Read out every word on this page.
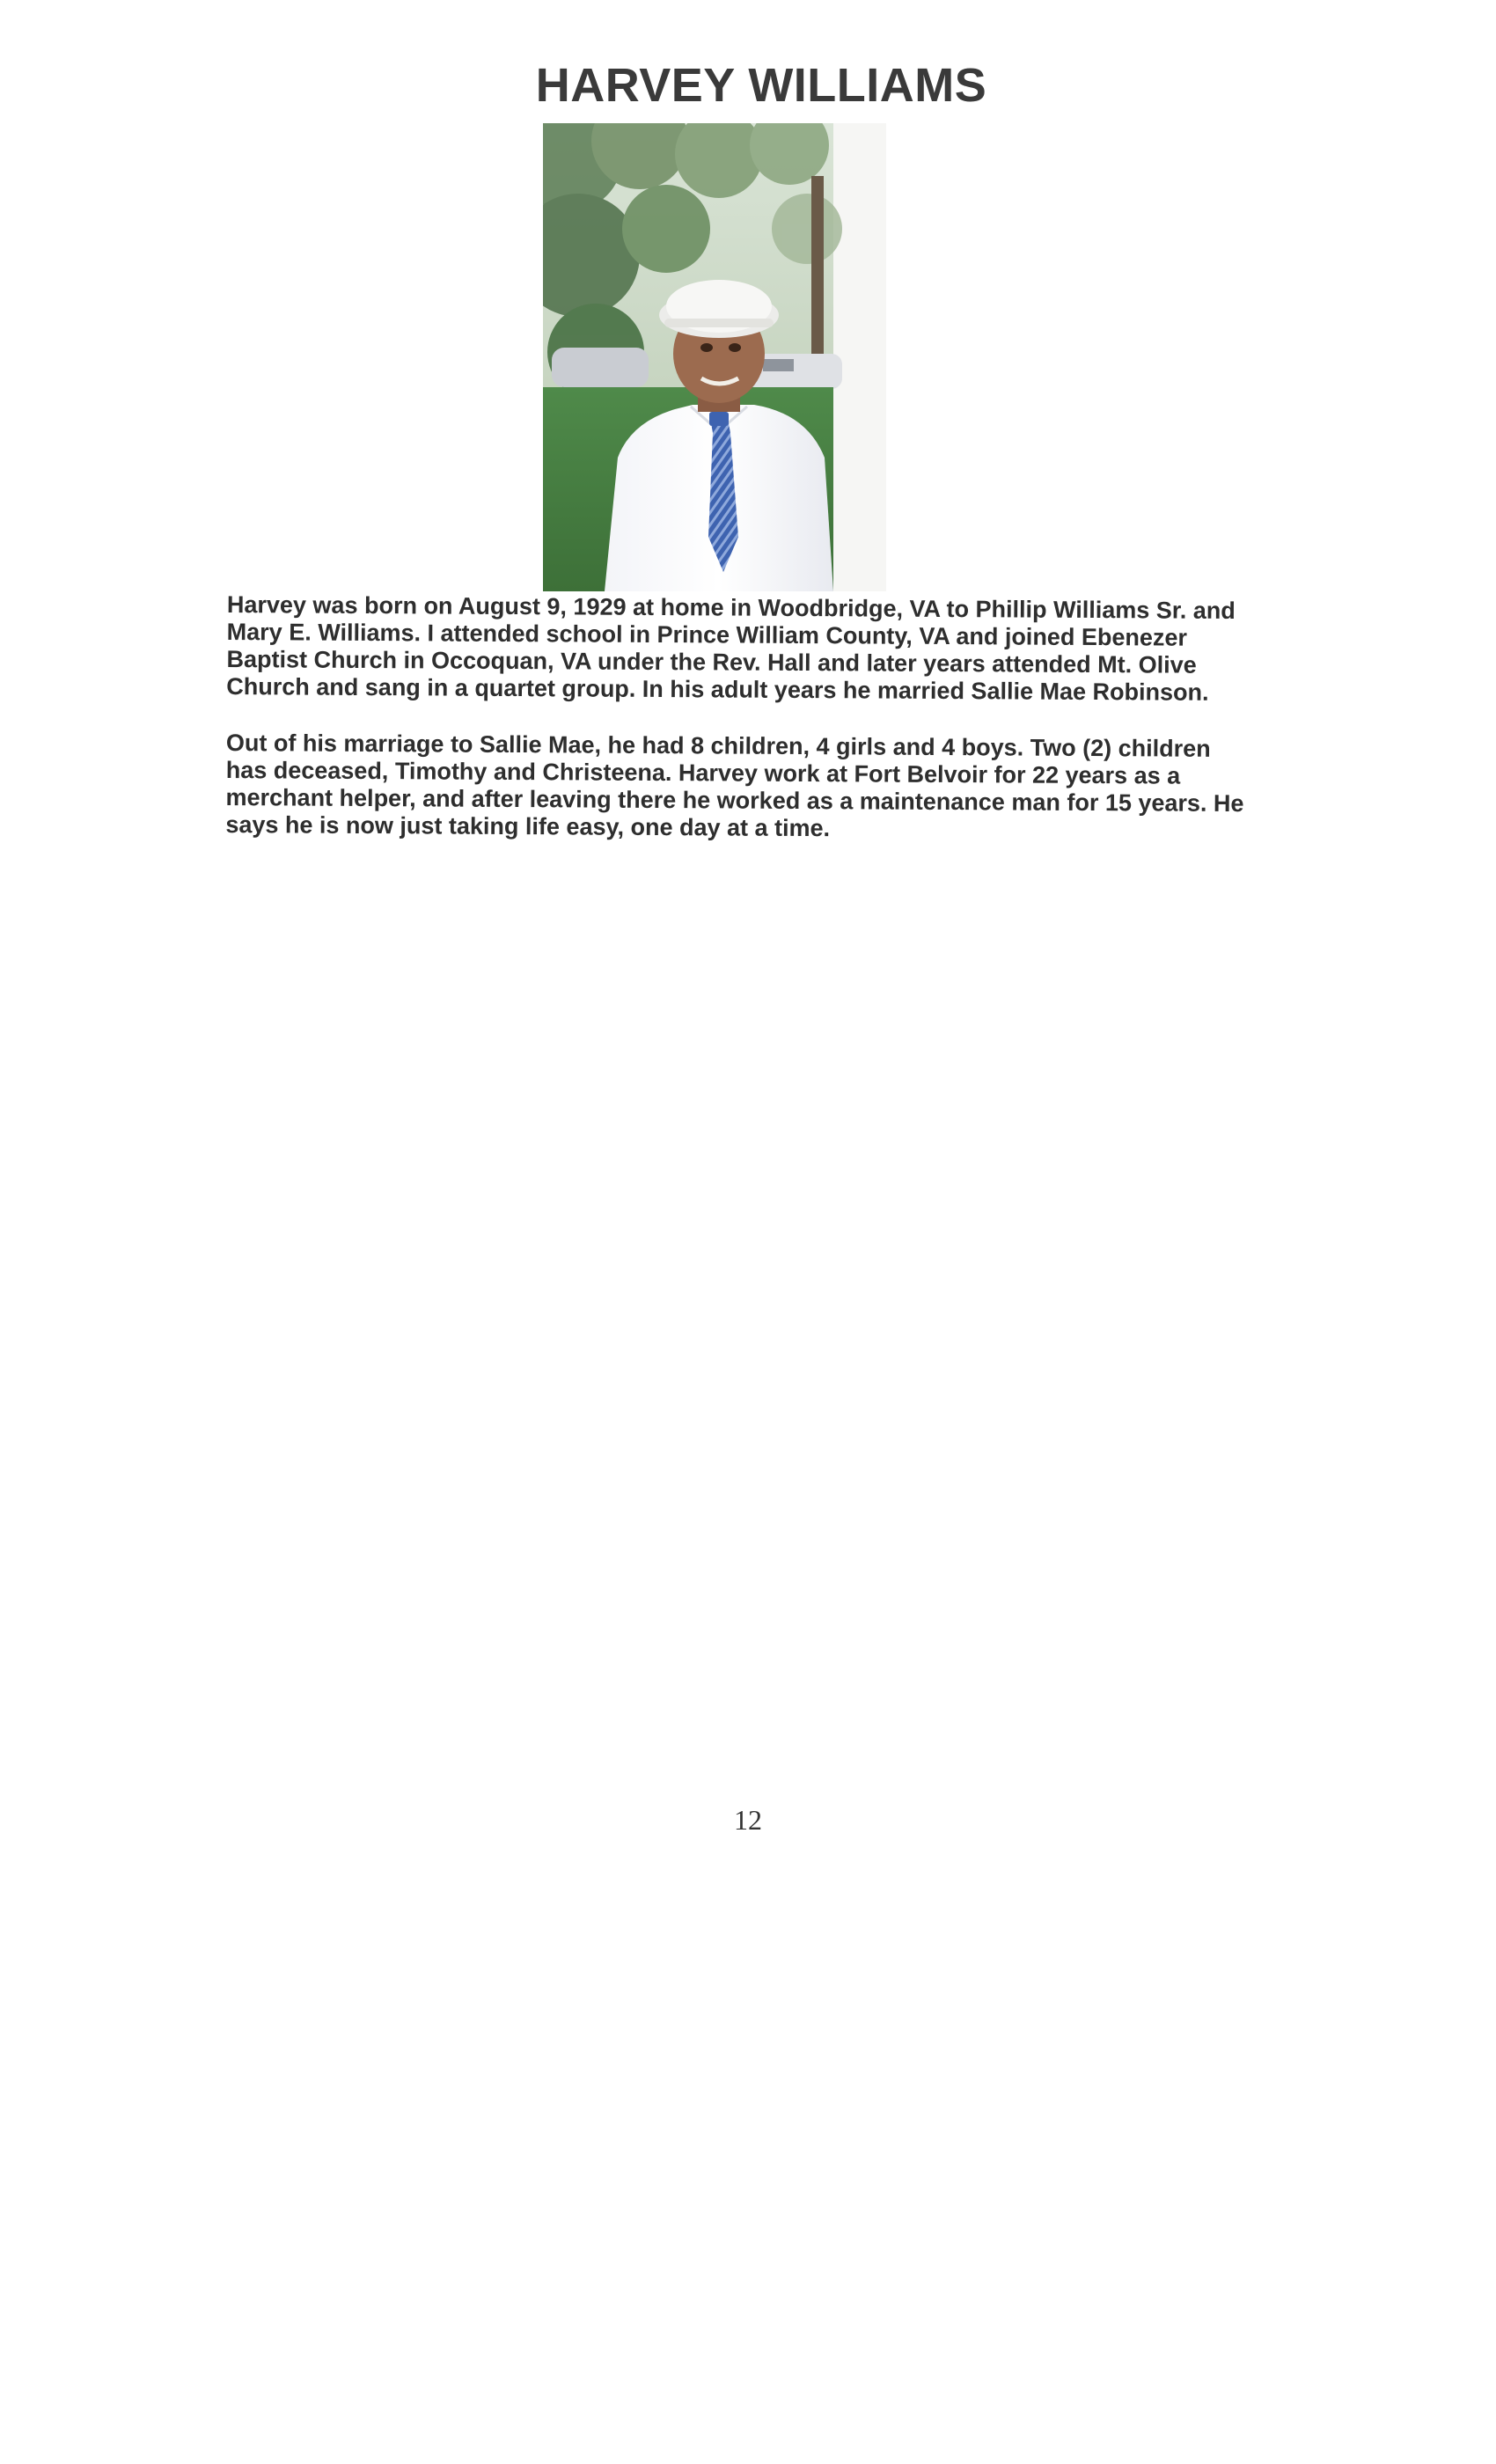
HARVEY WILLIAMS

Harvey was born on August 9, 1929 at home in Woodbridge, VA to Phillip Williams Sr. and
Mary E. Williams. I attended school in Prince William County, VA and joined Ebenezer
Baptist Church in Occoquan, VA under the Rev. Hall and later years attended Mt. Olive
Church and sang in a quartet group. In his adult years he married Sallie Mae Robinson.

Out of his marriage to Sallie Mae, he had 8 children, 4 girls and 4 boys. Two (2) children
has deceased, Timothy and Christeena. Harvey work at Fort Belvoir for 22 years as a
merchant helper, and after leaving there he worked as a maintenance man for 15 years. He
says he is now just taking life easy, one day at a time.

12
